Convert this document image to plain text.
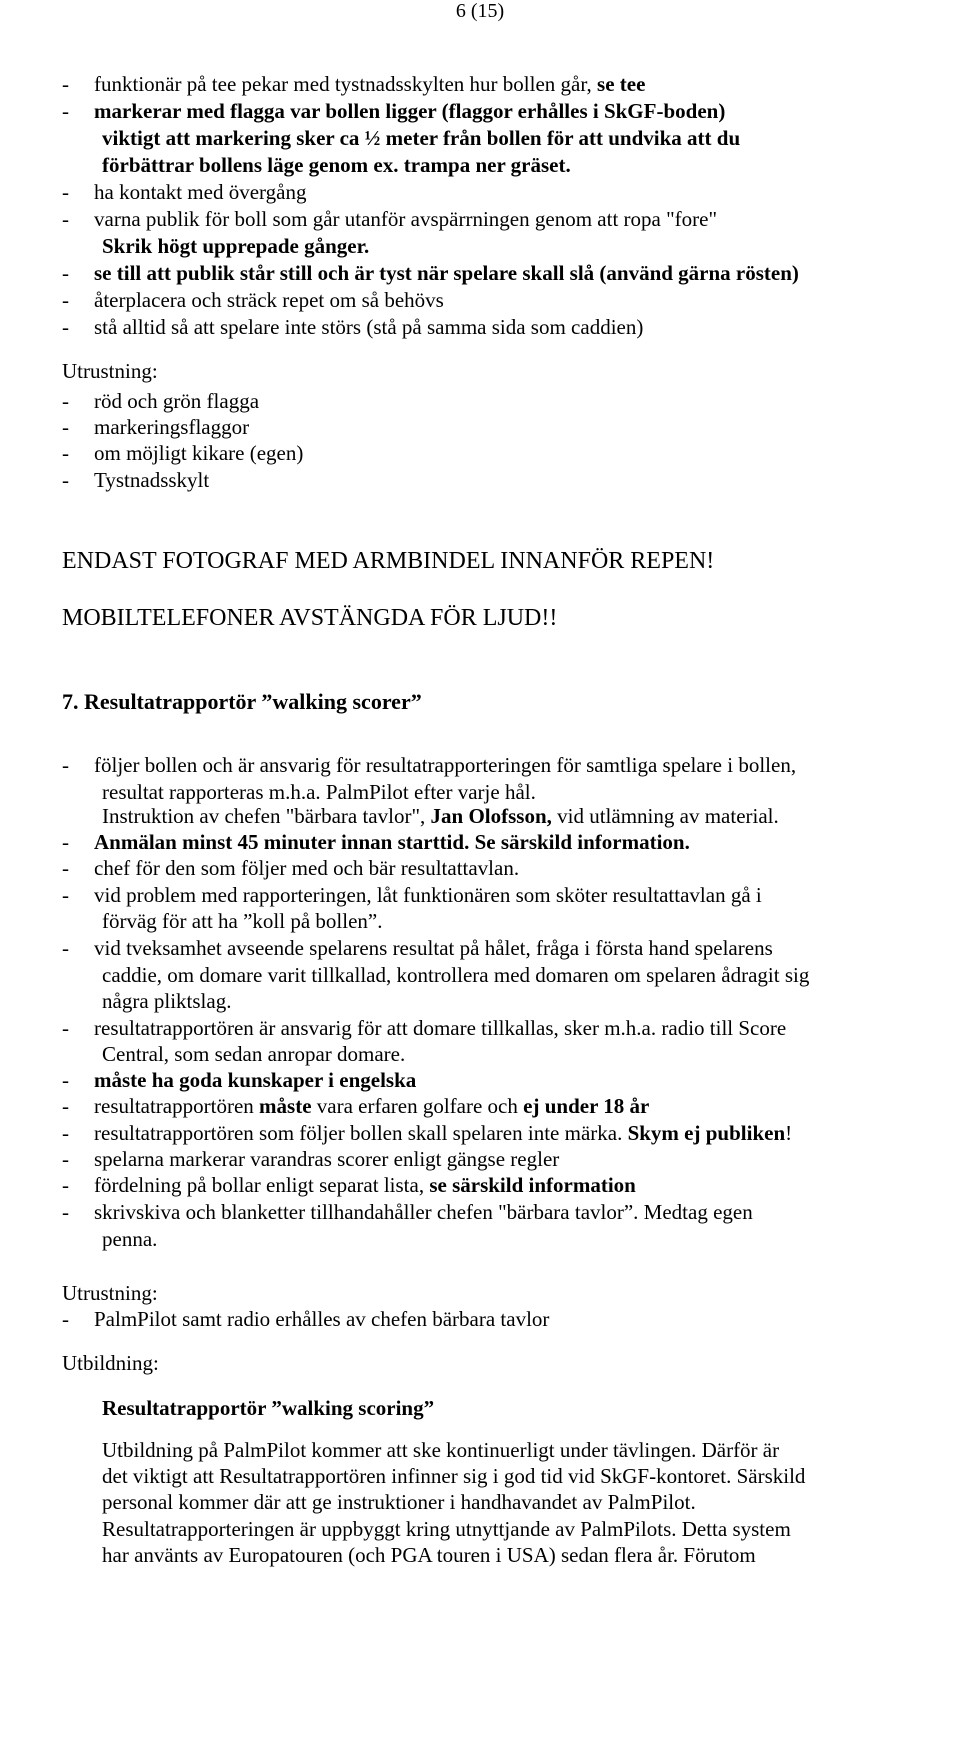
6 (15)
- funktionär på tee pekar med tystnadsskylten hur bollen går, se tee
- markerar med flagga var bollen ligger (flaggor erhålles i SkGF-boden)
viktigt att markering sker ca ½ meter från bollen för att undvika att du
förbättrar bollens läge genom ex. trampa ner gräset.
- ha kontakt med övergång
- varna publik för boll som går utanför avspärrningen genom att ropa "fore"
Skrik högt upprepade gånger.
- se till att publik står still och är tyst när spelare skall slå (använd gärna rösten)
- återplacera och sträck repet om så behövs
- stå alltid så att spelare inte störs (stå på samma sida som caddien)
Utrustning:
- röd och grön flagga
- markeringsflaggor
- om möjligt kikare (egen)
- Tystnadsskylt
ENDAST FOTOGRAF MED ARMBINDEL INNANFÖR REPEN!
MOBILTELEFONER AVSTÄNGDA FÖR LJUD!!
7. Resultatrapportör ”walking scorer”
- följer bollen och är ansvarig för resultatrapporteringen för samtliga spelare i bollen,
resultat rapporteras m.h.a. PalmPilot efter varje hål.
Instruktion av chefen "bärbara tavlor", Jan Olofsson, vid utlämning av material.
- Anmälan minst 45 minuter innan starttid. Se särskild information.
- chef för den som följer med och bär resultattavlan.
- vid problem med rapporteringen, låt funktionären som sköter resultattavlan gå i
förväg för att ha ”koll på bollen”.
- vid tveksamhet avseende spelarens resultat på hålet, fråga i första hand spelarens
caddie, om domare varit tillkallad, kontrollera med domaren om spelaren ådragit sig
några pliktslag.
- resultatrapportören är ansvarig för att domare tillkallas, sker m.h.a. radio till Score
Central, som sedan anropar domare.
- måste ha goda kunskaper i engelska
- resultatrapportören måste vara erfaren golfare och ej under 18 år
- resultatrapportören som följer bollen skall spelaren inte märka. Skym ej publiken!
- spelarna markerar varandras scorer enligt gängse regler
- fördelning på bollar enligt separat lista, se särskild information
- skrivskiva och blanketter tillhandahåller chefen "bärbara tavlor”. Medtag egen
penna.
Utrustning:
- PalmPilot samt radio erhålles av chefen bärbara tavlor
Utbildning:
Resultatrapportör ”walking scoring”
Utbildning på PalmPilot kommer att ske kontinuerligt under tävlingen. Därför är
det viktigt att Resultatrapportören infinner sig i god tid vid SkGF-kontoret. Särskild
personal kommer där att ge instruktioner i handhavandet av PalmPilot.
Resultatrapporteringen är uppbyggt kring utnyttjande av PalmPilots. Detta system
har använts av Europatouren (och PGA touren i USA) sedan flera år. Förutom
